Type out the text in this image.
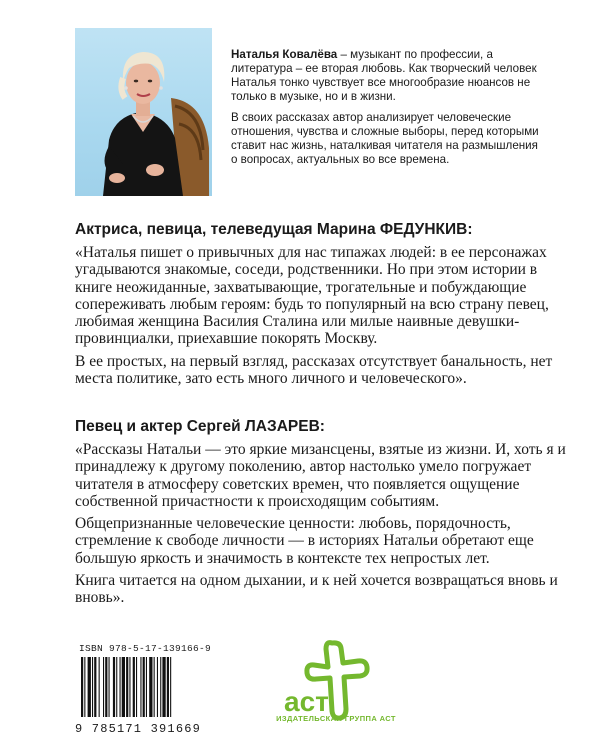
Наталья Ковалёва – музыкант по профессии, а литература – ее вторая любовь. Как творческий человек Наталья тонко чувствует все многообразие нюансов не только в музыке, но и в жизни.

В своих рассказах автор анализирует человеческие отношения, чувства и сложные выборы, перед которыми ставит нас жизнь, наталкивая читателя на размышления о вопросах, актуальных во все времена.

Актриса, певица, телеведущая Марина ФЕДУНКИВ:

«Наталья пишет о привычных для нас типажах людей: в ее персонажах угадываются знакомые, соседи, родственники. Но при этом истории в книге неожиданные, захватывающие, трогательные и побуждающие сопереживать любым героям: будь то популярный на всю страну певец, любимая женщина Василия Сталина или милые наивные девушки-провинциалки, приехавшие покорять Москву.

В ее простых, на первый взгляд, рассказах отсутствует банальность, нет места политике, зато есть много личного и человеческого».

Певец и актер Сергей ЛАЗАРЕВ:

«Рассказы Натальи — это яркие мизансцены, взятые из жизни. И, хоть я и принадлежу к другому поколению, автор настолько умело погружает читателя в атмосферу советских времен, что появляется ощущение собственной причастности к происходящим событиям.

Общепризнанные человеческие ценности: любовь, порядочность, стремление к свободе личности — в историях Натальи обретают еще большую яркость и значимость в контексте тех непростых лет.

Книга читается на одном дыхании, и к ней хочется возвращаться вновь и вновь».

ISBN 978-5-17-139166-9
9 785171 391669
аст
ИЗДАТЕЛЬСКАЯ ГРУППА АСТ
